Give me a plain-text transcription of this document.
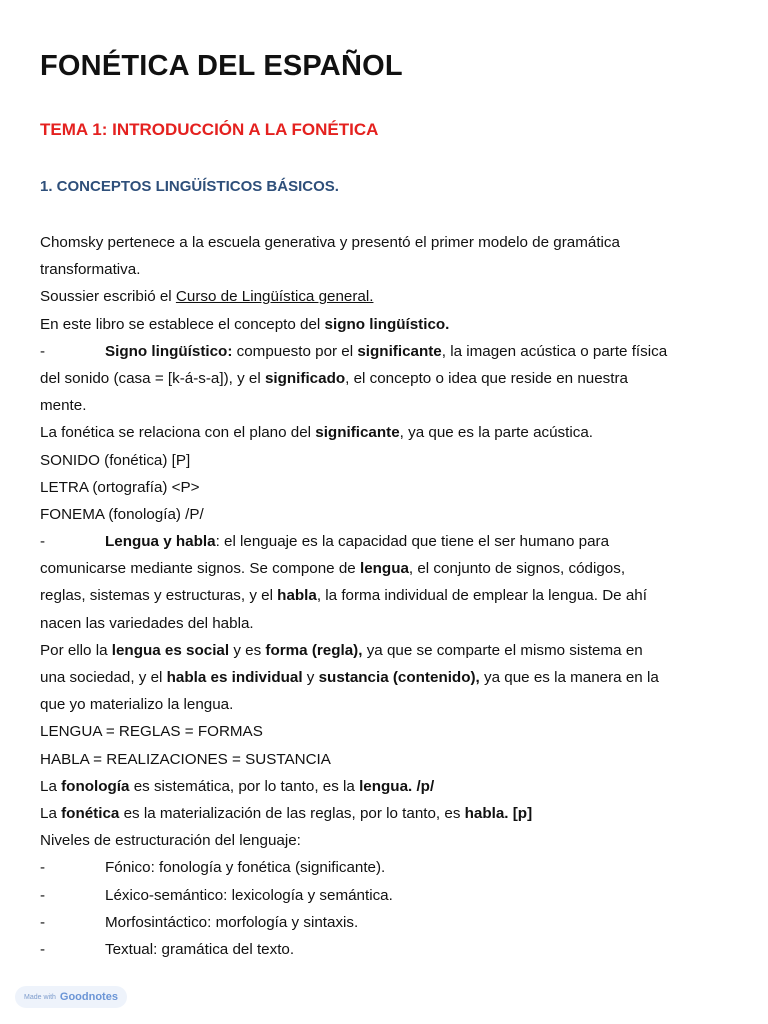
FONÉTICA DEL ESPAÑOL
TEMA 1: INTRODUCCIÓN A LA FONÉTICA
1. CONCEPTOS LINGÜÍSTICOS BÁSICOS.
Chomsky pertenece a la escuela generativa y presentó el primer modelo de gramática
transformativa.
Soussier escribió el Curso de Lingüística general.
En este libro se establece el concepto del signo lingüístico.
-	Signo lingüístico: compuesto por el significante, la imagen acústica o parte física
del sonido (casa = [k-á-s-a]), y el significado, el concepto o idea que reside en nuestra
mente.
La fonética se relaciona con el plano del significante, ya que es la parte acústica.
SONIDO (fonética) [P]
LETRA (ortografía) <P>
FONEMA (fonología) /P/
-	Lengua y habla: el lenguaje es la capacidad que tiene el ser humano para
comunicarse mediante signos. Se compone de lengua, el conjunto de signos, códigos,
reglas, sistemas y estructuras, y el habla, la forma individual de emplear la lengua. De ahí
nacen las variedades del habla.
Por ello la lengua es social y es forma (regla), ya que se comparte el mismo sistema en
una sociedad, y el habla es individual y sustancia (contenido), ya que es la manera en la
que yo materializo la lengua.
LENGUA = REGLAS = FORMAS
HABLA = REALIZACIONES = SUSTANCIA
La fonología es sistemática, por lo tanto, es la lengua. /p/
La fonética es la materialización de las reglas, por lo tanto, es habla. [p]
Niveles de estructuración del lenguaje:
-	Fónico: fonología y fonética (significante).
-	Léxico-semántico: lexicología y semántica.
-	Morfosintáctico: morfología y sintaxis.
-	Textual: gramática del texto.
Made with Goodnotes
